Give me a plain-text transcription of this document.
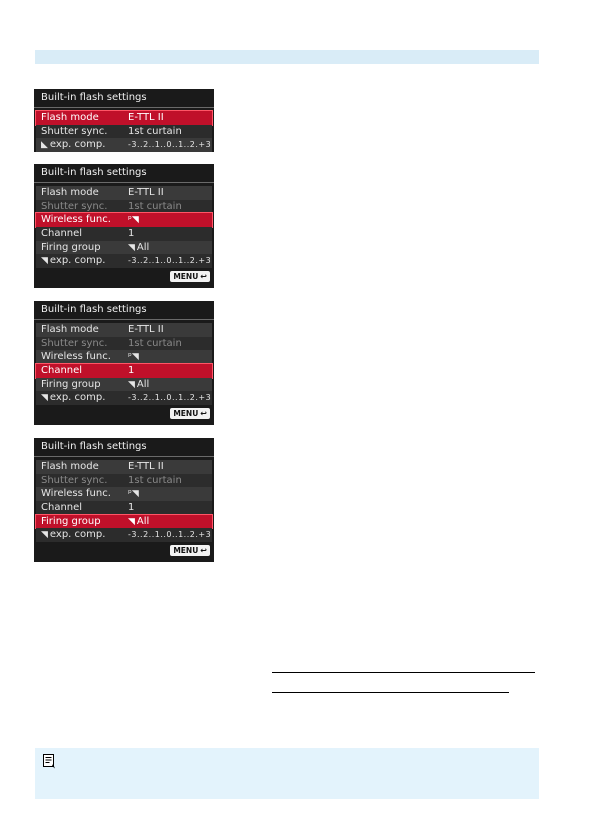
Built-in flash settings
Flash mode	E-TTL II
Shutter sync. 1st curtain
◣ exp. comp.	-3..2..1..0..1..2.+3
Built-in flash settings
Flash mode	E-TTL II
Shutter sync. 1st curtain
Wireless func. ᵖ◥
Channel	1
Firing group	◥ All
◥ exp. comp.	-3..2..1..0..1..2.+3
MENU ↩
Built-in flash settings
Flash mode	E-TTL II
Shutter sync. 1st curtain
Wireless func. ᵖ◥
Channel	1
Firing group	◥ All
◥ exp. comp.	-3..2..1..0..1..2.+3
MENU ↩
Built-in flash settings
Flash mode	E-TTL II
Shutter sync. 1st curtain
Wireless func. ᵖ◥
Channel	1
Firing group	◥ All
◥ exp. comp.	-3..2..1..0..1..2.+3
MENU ↩
